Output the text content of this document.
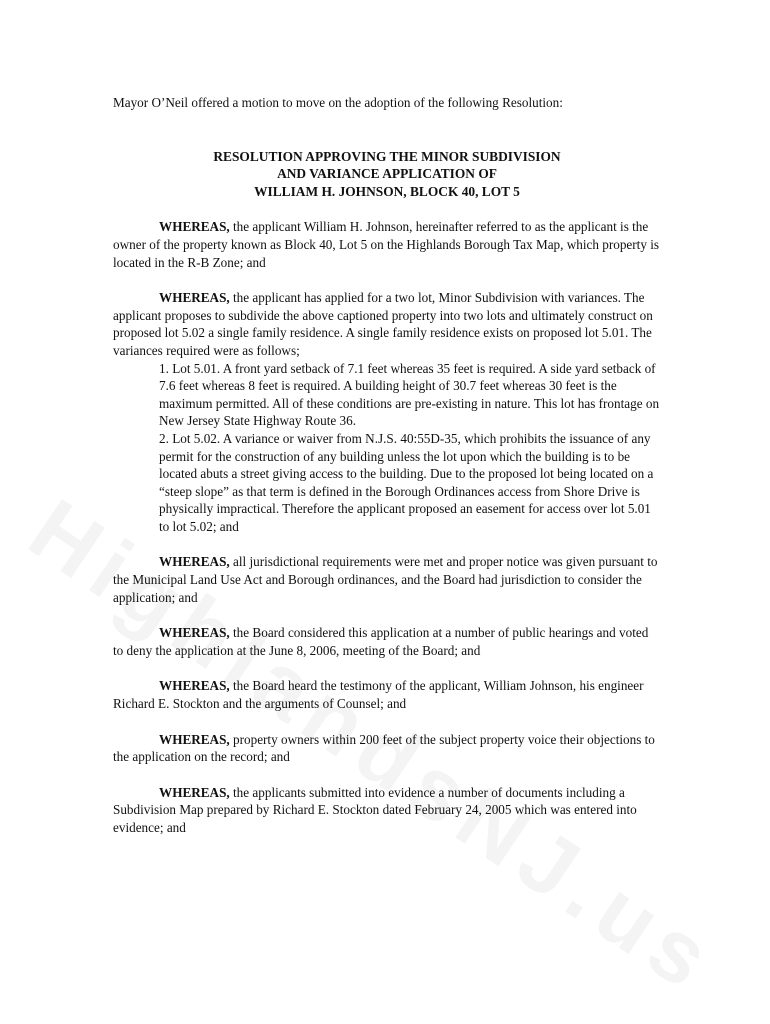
Mayor O’Neil offered a motion to move on the adoption of the following Resolution:

RESOLUTION APPROVING THE MINOR SUBDIVISION
AND VARIANCE APPLICATION OF
WILLIAM H. JOHNSON, BLOCK 40, LOT 5

WHEREAS, the applicant William H. Johnson, hereinafter referred to as the applicant is the owner of the property known as Block 40, Lot 5 on the Highlands Borough Tax Map, which property is located in the R-B Zone; and

WHEREAS, the applicant has applied for a two lot, Minor Subdivision with variances. The applicant proposes to subdivide the above captioned property into two lots and ultimately construct on proposed lot 5.02 a single family residence. A single family residence exists on proposed lot 5.01. The variances required were as follows;

1. Lot 5.01. A front yard setback of 7.1 feet whereas 35 feet is required. A side yard setback of 7.6 feet whereas 8 feet is required. A building height of 30.7 feet whereas 30 feet is the maximum permitted. All of these conditions are pre-existing in nature. This lot has frontage on New Jersey State Highway Route 36.

2. Lot 5.02. A variance or waiver from N.J.S. 40:55D-35, which prohibits the issuance of any permit for the construction of any building unless the lot upon which the building is to be located abuts a street giving access to the building. Due to the proposed lot being located on a “steep slope” as that term is defined in the Borough Ordinances access from Shore Drive is physically impractical. Therefore the applicant proposed an easement for access over lot 5.01 to lot 5.02; and

WHEREAS, all jurisdictional requirements were met and proper notice was given pursuant to the Municipal Land Use Act and Borough ordinances, and the Board had jurisdiction to consider the application; and

WHEREAS, the Board considered this application at a number of public hearings and voted to deny the application at the June 8, 2006, meeting of the Board; and

WHEREAS, the Board heard the testimony of the applicant, William Johnson, his engineer Richard E. Stockton and the arguments of Counsel; and

WHEREAS, property owners within 200 feet of the subject property voice their objections to the application on the record; and

WHEREAS, the applicants submitted into evidence a number of documents including a Subdivision Map prepared by Richard E. Stockton dated February 24, 2005 which was entered into evidence; and
